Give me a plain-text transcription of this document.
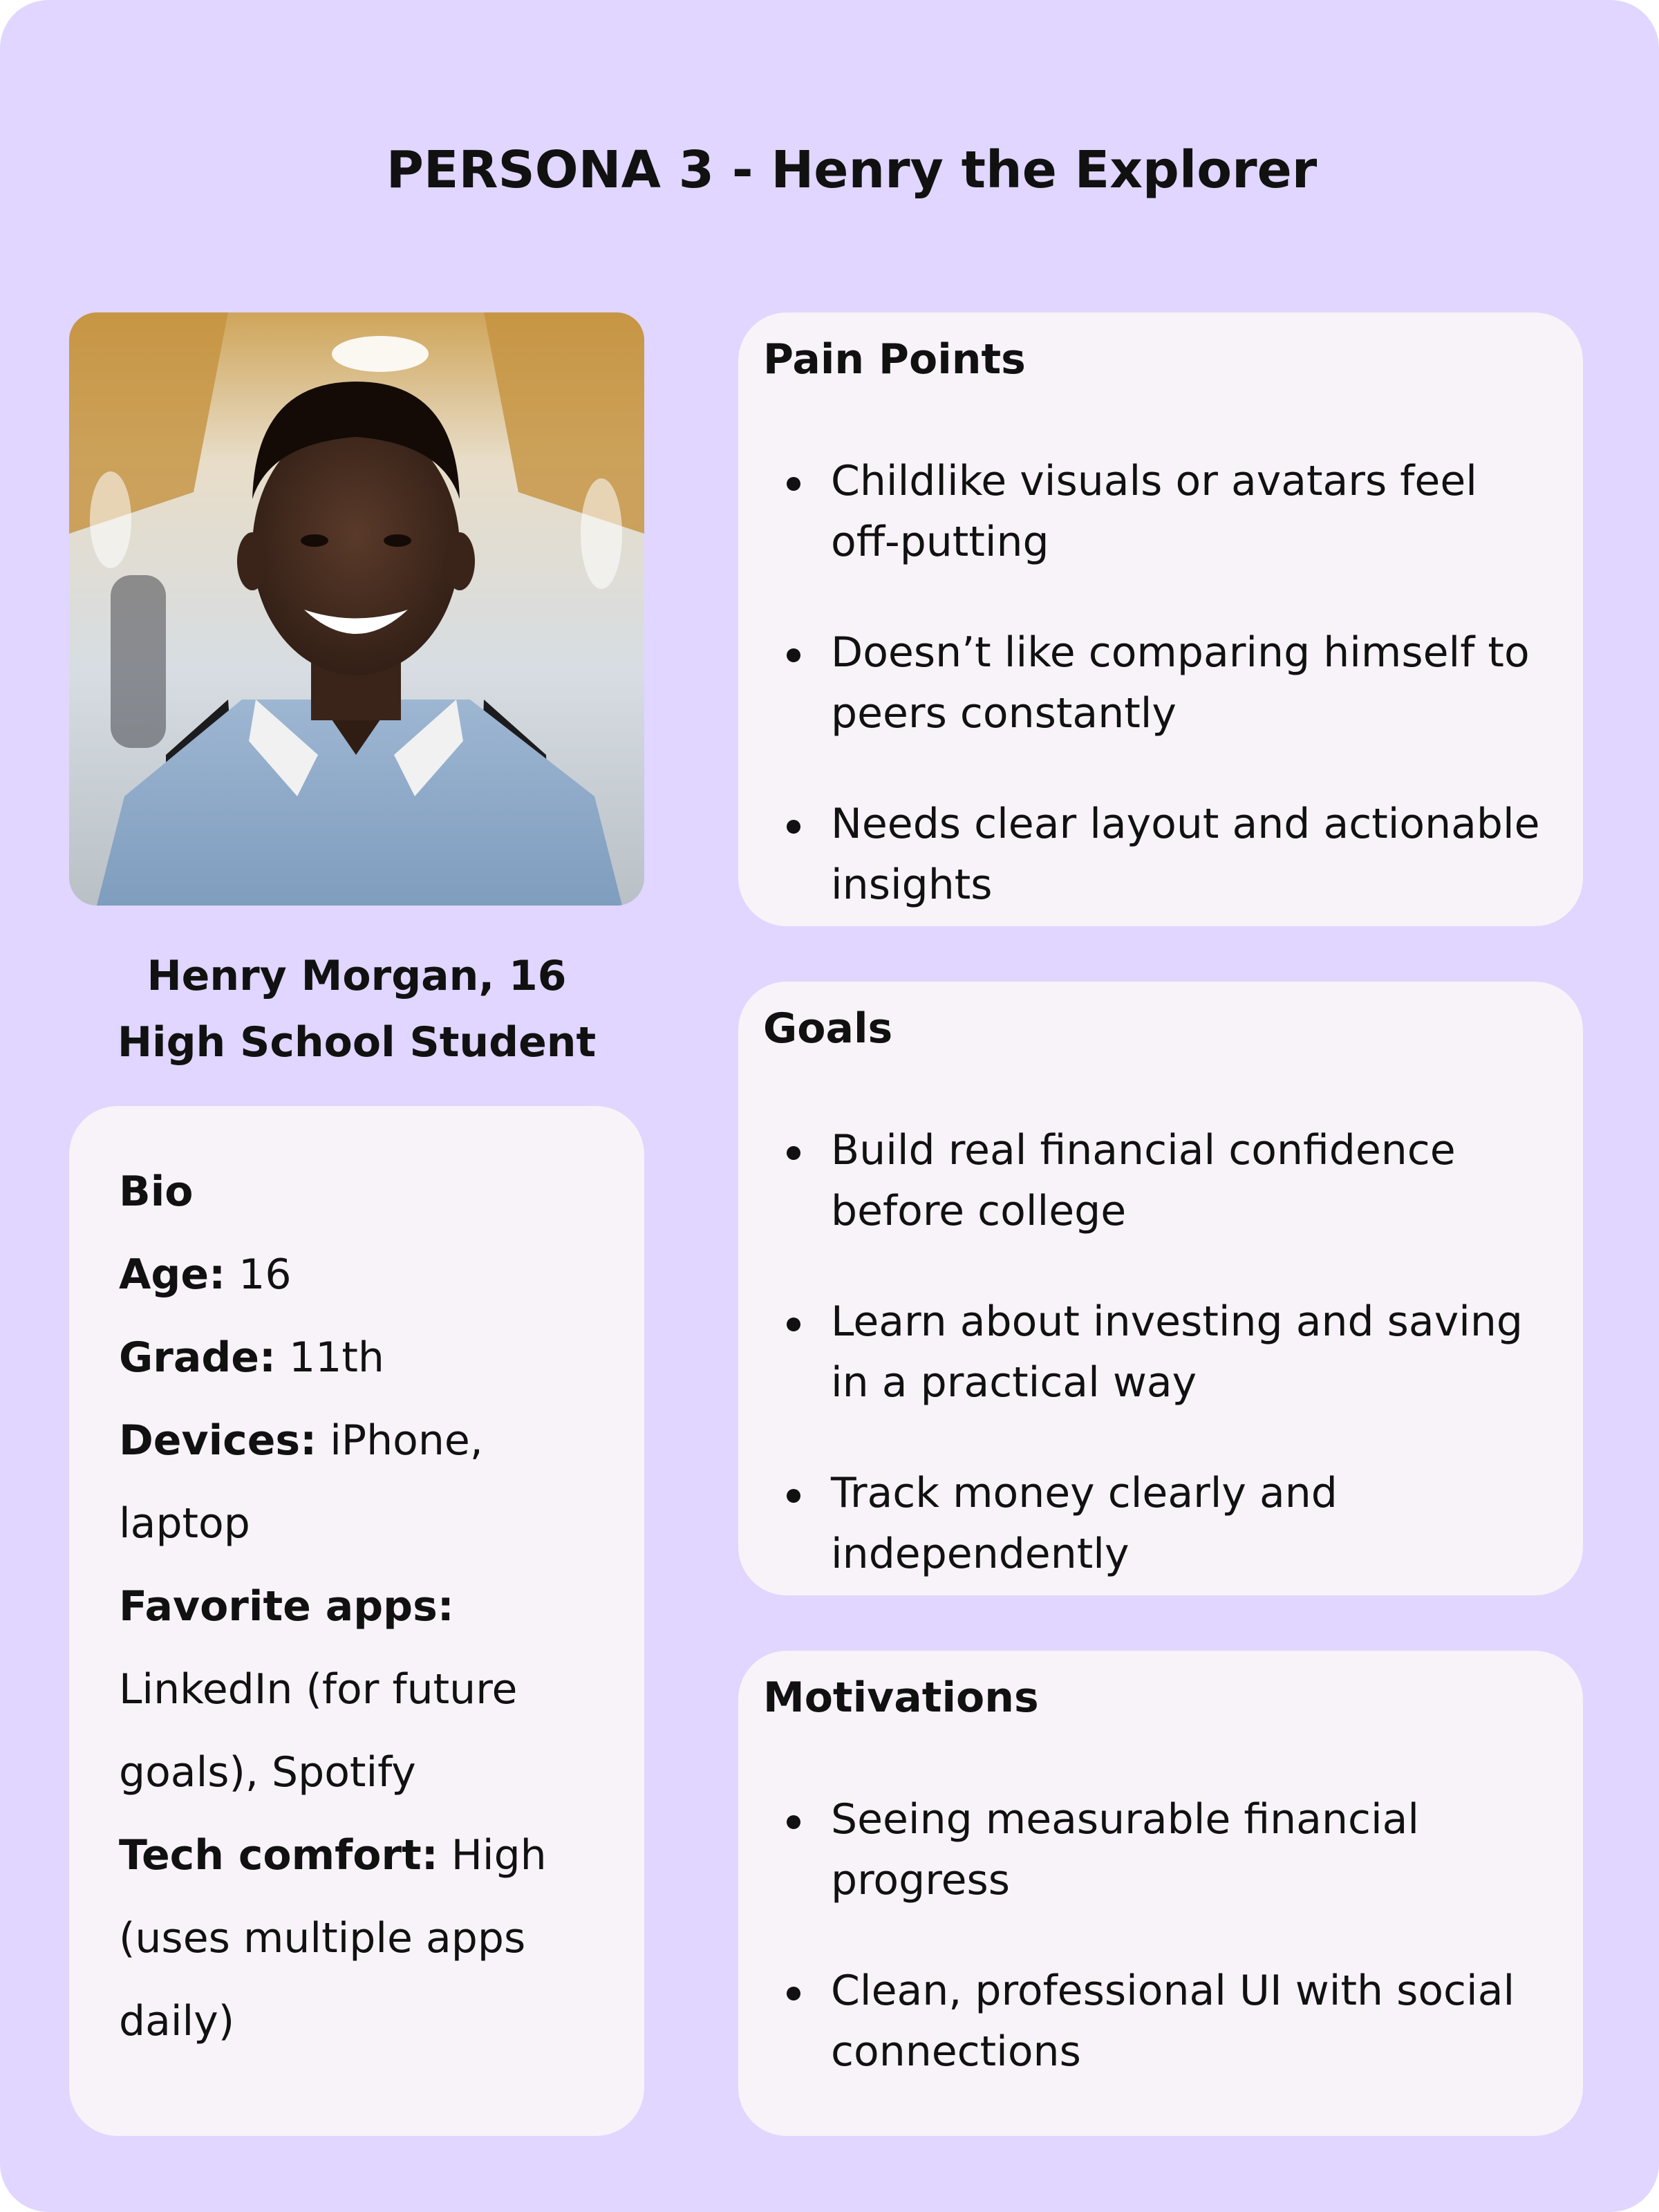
PERSONA 3 - Henry the Explorer
Henry Morgan, 16
High School Student

Bio

Age: 16

Grade: 11th

Devices: iPhone, laptop

Favorite apps: LinkedIn (for future goals), Spotify

Tech comfort: High (uses multiple apps daily)

Pain Points
Childlike visuals or avatars feel off-putting
Doesn’t like comparing himself to peers constantly
Needs clear layout and actionable insights
Goals
Build real financial confidence before college
Learn about investing and saving in a practical way
Track money clearly and independently
Motivations
Seeing measurable financial progress
Clean, professional UI with social connections
